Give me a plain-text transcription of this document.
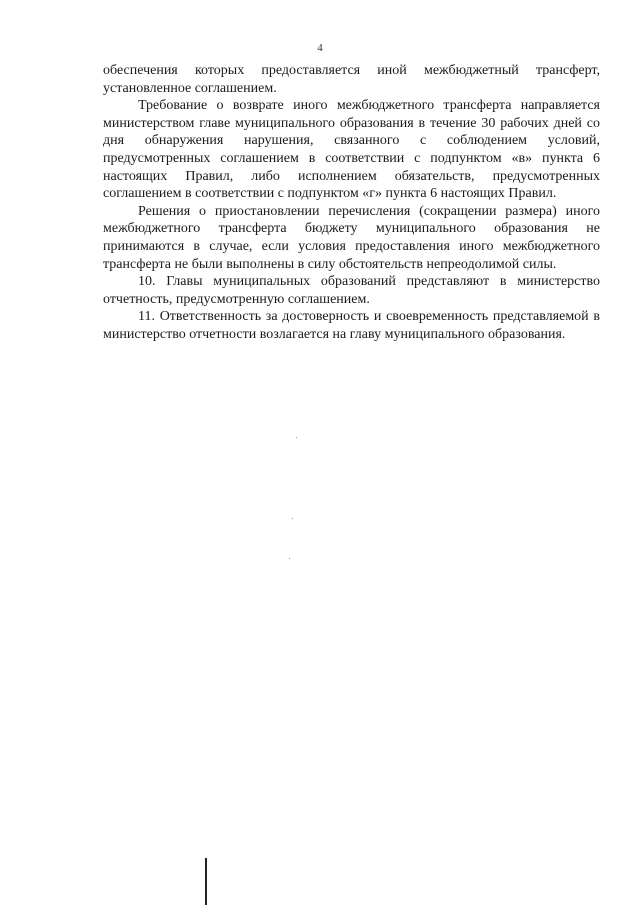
4

обеспечения которых предоставляется иной межбюджетный трансферт, установленное соглашением.

Требование о возврате иного межбюджетного трансферта направляется министерством главе муниципального образования в течение 30 рабочих дней со дня обнаружения нарушения, связанного с соблюдением условий, предусмотренных соглашением в соответствии с подпунктом «в» пункта 6 настоящих Правил, либо исполнением обязательств, предусмотренных соглашением в соответствии с подпунктом «г» пункта 6 настоящих Правил.

Решения о приостановлении перечисления (сокращении размера) иного межбюджетного трансферта бюджету муниципального образования не принимаются в случае, если условия предоставления иного межбюджетного трансферта не были выполнены в силу обстоятельств непреодолимой силы.

10. Главы муниципальных образований представляют в министерство отчетность, предусмотренную соглашением.

11. Ответственность за достоверность и своевременность представляемой в министерство отчетности возлагается на главу муниципального образования.
